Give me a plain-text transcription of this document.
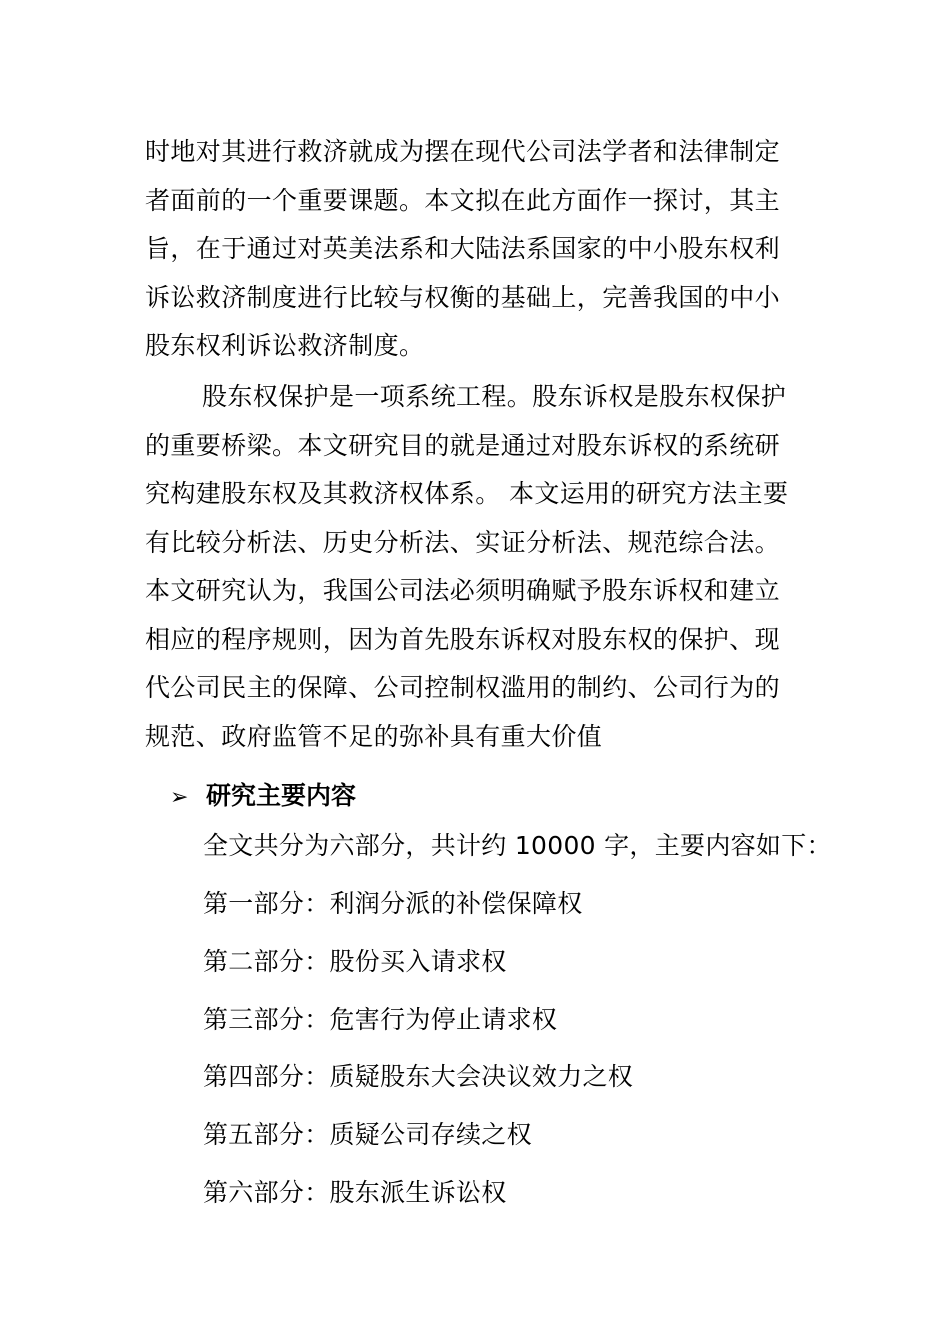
时地对其进行救济就成为摆在现代公司法学者和法律制定
者面前的一个重要课题。本文拟在此方面作一探讨，其主
旨，在于通过对英美法系和大陆法系国家的中小股东权利
诉讼救济制度进行比较与权衡的基础上，完善我国的中小
股东权利诉讼救济制度。
股东权保护是一项系统工程。股东诉权是股东权保护
的重要桥梁。本文研究目的就是通过对股东诉权的系统研
究构建股东权及其救济权体系。 本文运用的研究方法主要
有比较分析法、历史分析法、实证分析法、规范综合法。
本文研究认为，我国公司法必须明确赋予股东诉权和建立
相应的程序规则，因为首先股东诉权对股东权的保护、现
代公司民主的保障、公司控制权滥用的制约、公司行为的
规范、政府监管不足的弥补具有重大价值
➢ 研究主要内容
全文共分为六部分，共计约 10000 字，主要内容如下：
第一部分：利润分派的补偿保障权
第二部分：股份买入请求权
第三部分：危害行为停止请求权
第四部分：质疑股东大会决议效力之权
第五部分：质疑公司存续之权
第六部分：股东派生诉讼权
